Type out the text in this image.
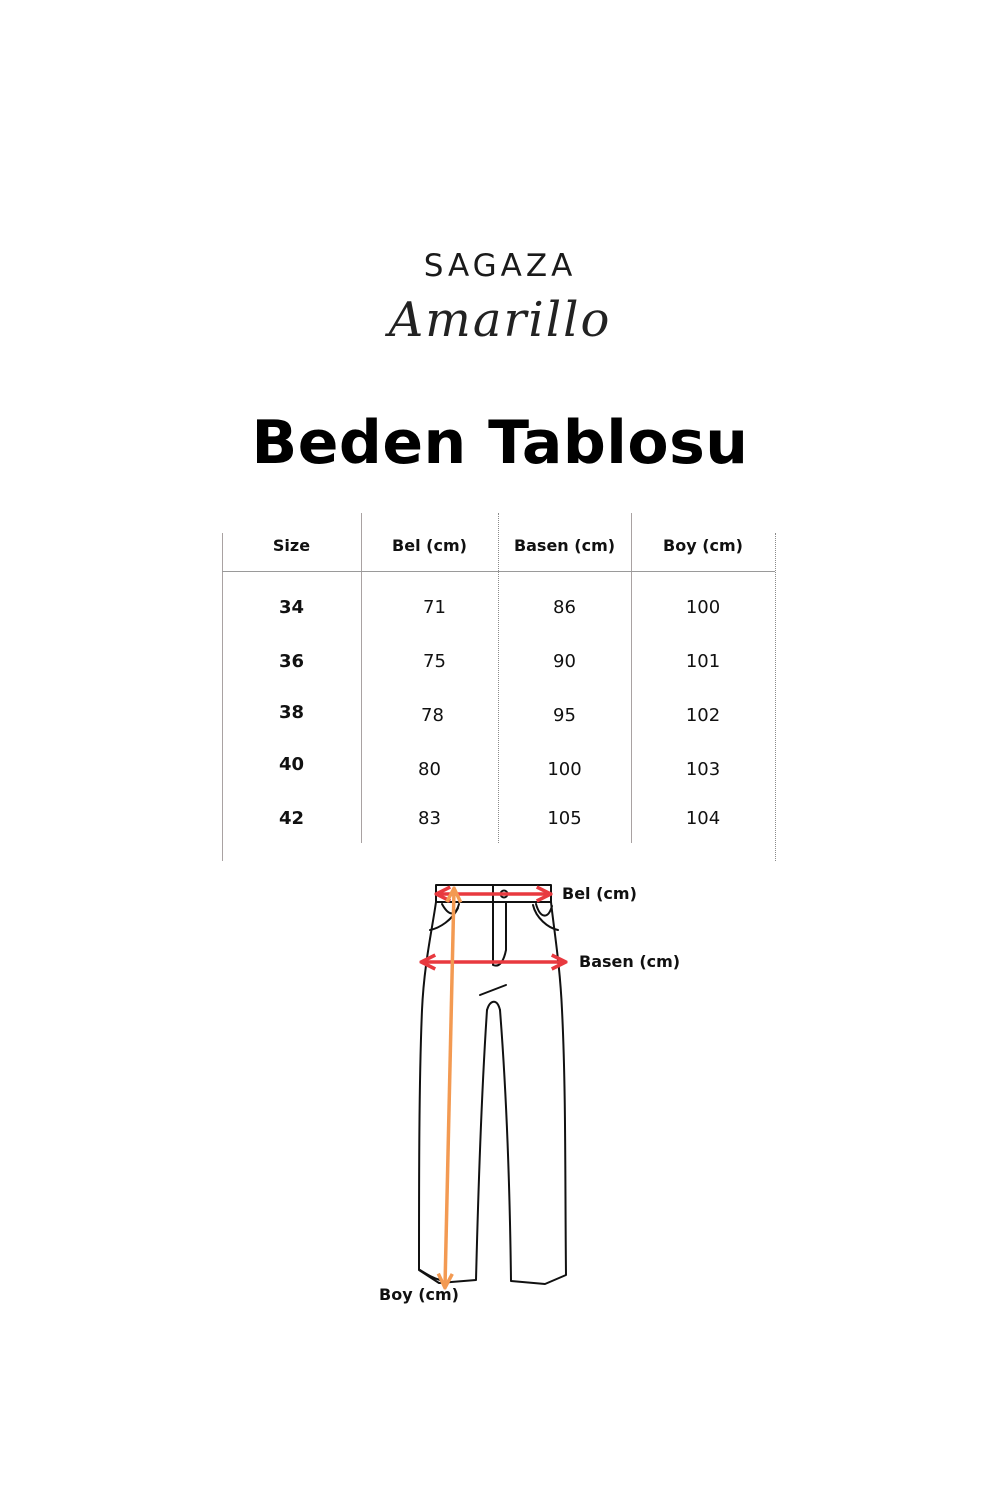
SAGAZA
Amarillo
Beden Tablosu
Size	Bel (cm)	Basen (cm)	Boy (cm)
34	71	86	100
36	75	90	101
38	78	95	102
40	80	100	103
42	83	105	104
Bel (cm)
Basen (cm)
Boy (cm)
